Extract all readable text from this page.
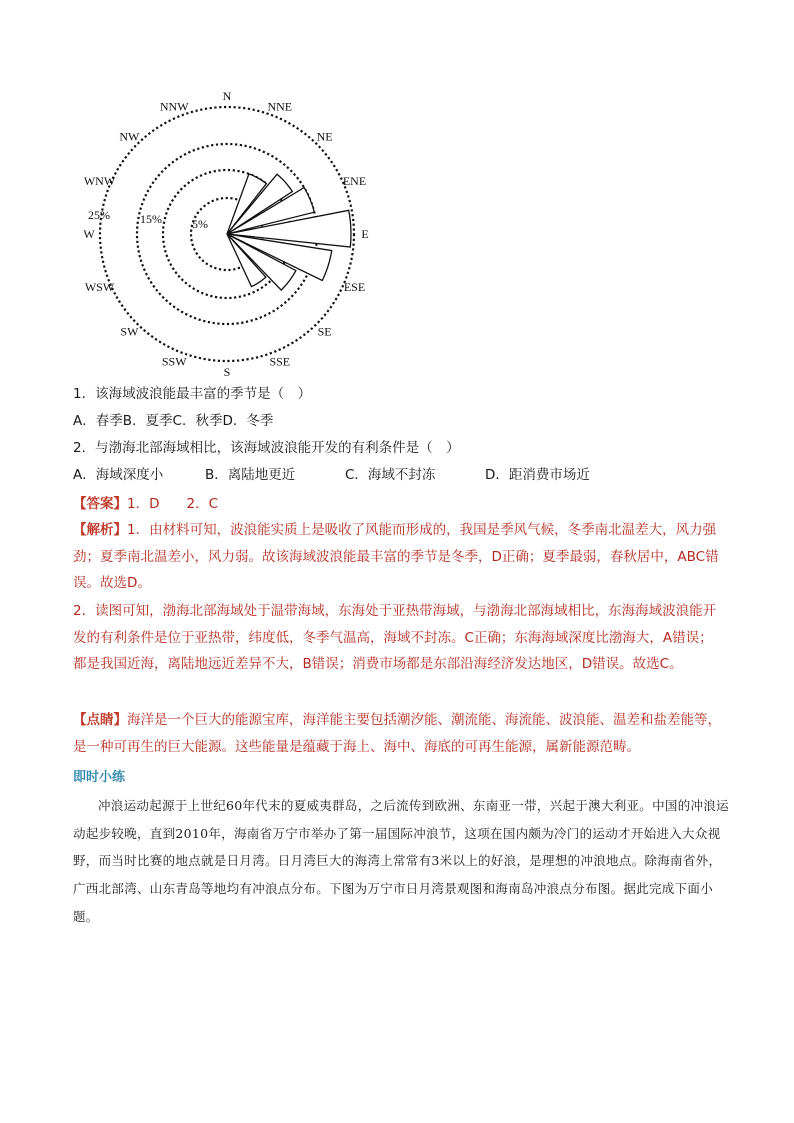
N
NNE
NE
ENE
E
ESE
SE
SSE
S
SSW
SW
WSW
W
WNW
NW
NNW
25%	15%	5%
1．该海域波浪能最丰富的季节是（　）
A．春季B．夏季C．秋季D．冬季
2．与渤海北部海域相比，该海域波浪能开发的有利条件是（　）
A．海域深度小	B．离陆地更近	C．海域不封冻	D．距消费市场近
【答案】1．D　　2．C
【解析】1．由材料可知，波浪能实质上是吸收了风能而形成的，我国是季风气候，冬季南北温差大，风力强劲；夏季南北温差小，风力弱。故该海域波浪能最丰富的季节是冬季，D正确；夏季最弱，春秋居中，ABC错误。故选D。
2．读图可知，渤海北部海域处于温带海域，东海处于亚热带海域，与渤海北部海域相比，东海海域波浪能开发的有利条件是位于亚热带，纬度低，冬季气温高，海域不封冻。C正确；东海海域深度比渤海大，A错误；都是我国近海，离陆地远近差异不大，B错误；消费市场都是东部沿海经济发达地区，D错误。故选C。
【点睛】海洋是一个巨大的能源宝库，海洋能主要包括潮汐能、潮流能、海流能、波浪能、温差和盐差能等，是一种可再生的巨大能源。这些能量是蕴藏于海上、海中、海底的可再生能源，属新能源范畴。
即时小练
冲浪运动起源于上世纪60年代末的夏威夷群岛，之后流传到欧洲、东南亚一带，兴起于澳大利亚。中国的冲浪运动起步较晚，直到2010年，海南省万宁市举办了第一届国际冲浪节，这项在国内颇为冷门的运动才开始进入大众视野，而当时比赛的地点就是日月湾。日月湾巨大的海湾上常常有3米以上的好浪，是理想的冲浪地点。除海南省外，广西北部湾、山东青岛等地均有冲浪点分布。下图为万宁市日月湾景观图和海南岛冲浪点分布图。据此完成下面小题。
